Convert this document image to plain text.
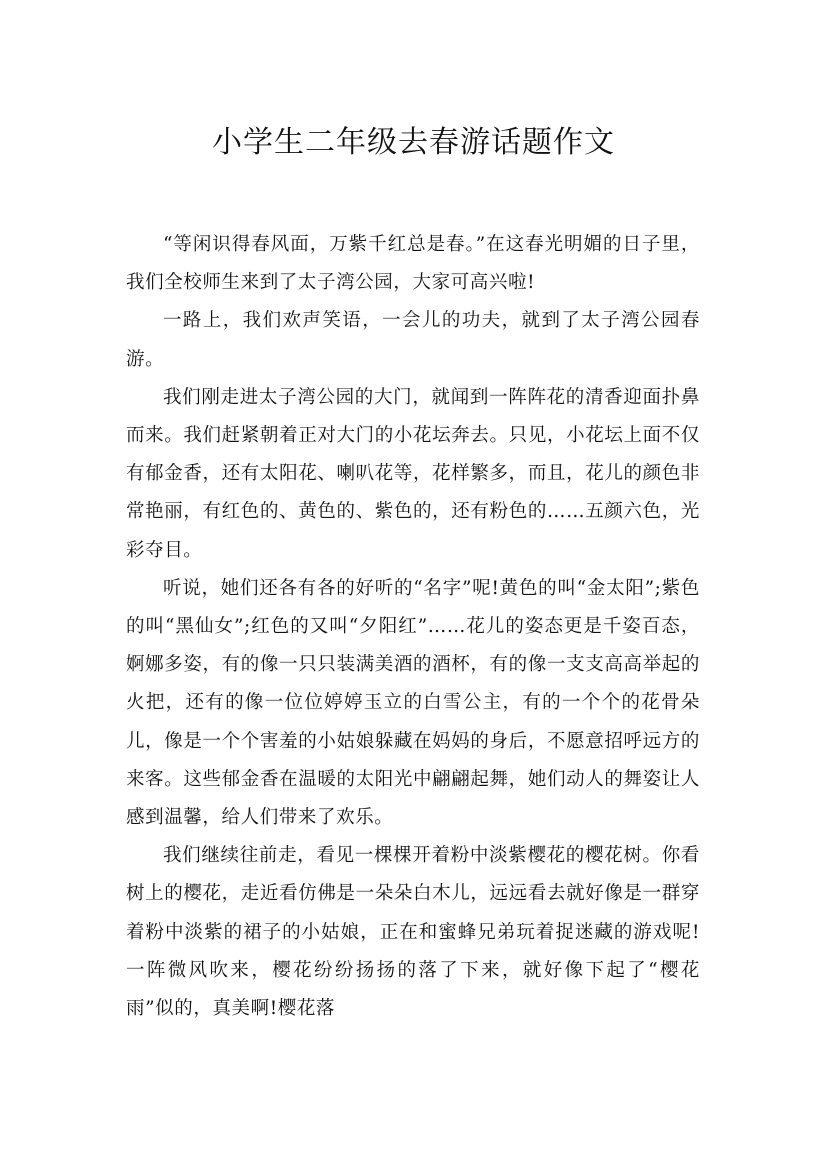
小学生二年级去春游话题作文

“等闲识得春风面，万紫千红总是春。”在这春光明媚的日子里，我们全校师生来到了太子湾公园，大家可高兴啦!

一路上，我们欢声笑语，一会儿的功夫，就到了太子湾公园春游。

我们刚走进太子湾公园的大门，就闻到一阵阵花的清香迎面扑鼻而来。我们赶紧朝着正对大门的小花坛奔去。只见，小花坛上面不仅有郁金香，还有太阳花、喇叭花等，花样繁多，而且，花儿的颜色非常艳丽，有红色的、黄色的、紫色的，还有粉色的……五颜六色，光彩夺目。

听说，她们还各有各的好听的“名字”呢!黄色的叫“金太阳”;紫色的叫“黑仙女”;红色的又叫“夕阳红”……花儿的姿态更是千姿百态，婀娜多姿，有的像一只只装满美酒的酒杯，有的像一支支高高举起的火把，还有的像一位位婷婷玉立的白雪公主，有的一个个的花骨朵儿，像是一个个害羞的小姑娘躲藏在妈妈的身后，不愿意招呼远方的来客。这些郁金香在温暖的太阳光中翩翩起舞，她们动人的舞姿让人感到温馨，给人们带来了欢乐。

我们继续往前走，看见一棵棵开着粉中淡紫樱花的樱花树。你看树上的樱花，走近看仿佛是一朵朵白木儿，远远看去就好像是一群穿着粉中淡紫的裙子的小姑娘，正在和蜜蜂兄弟玩着捉迷藏的游戏呢!一阵微风吹来，樱花纷纷扬扬的落了下来，就好像下起了“樱花雨”似的，真美啊!樱花落
